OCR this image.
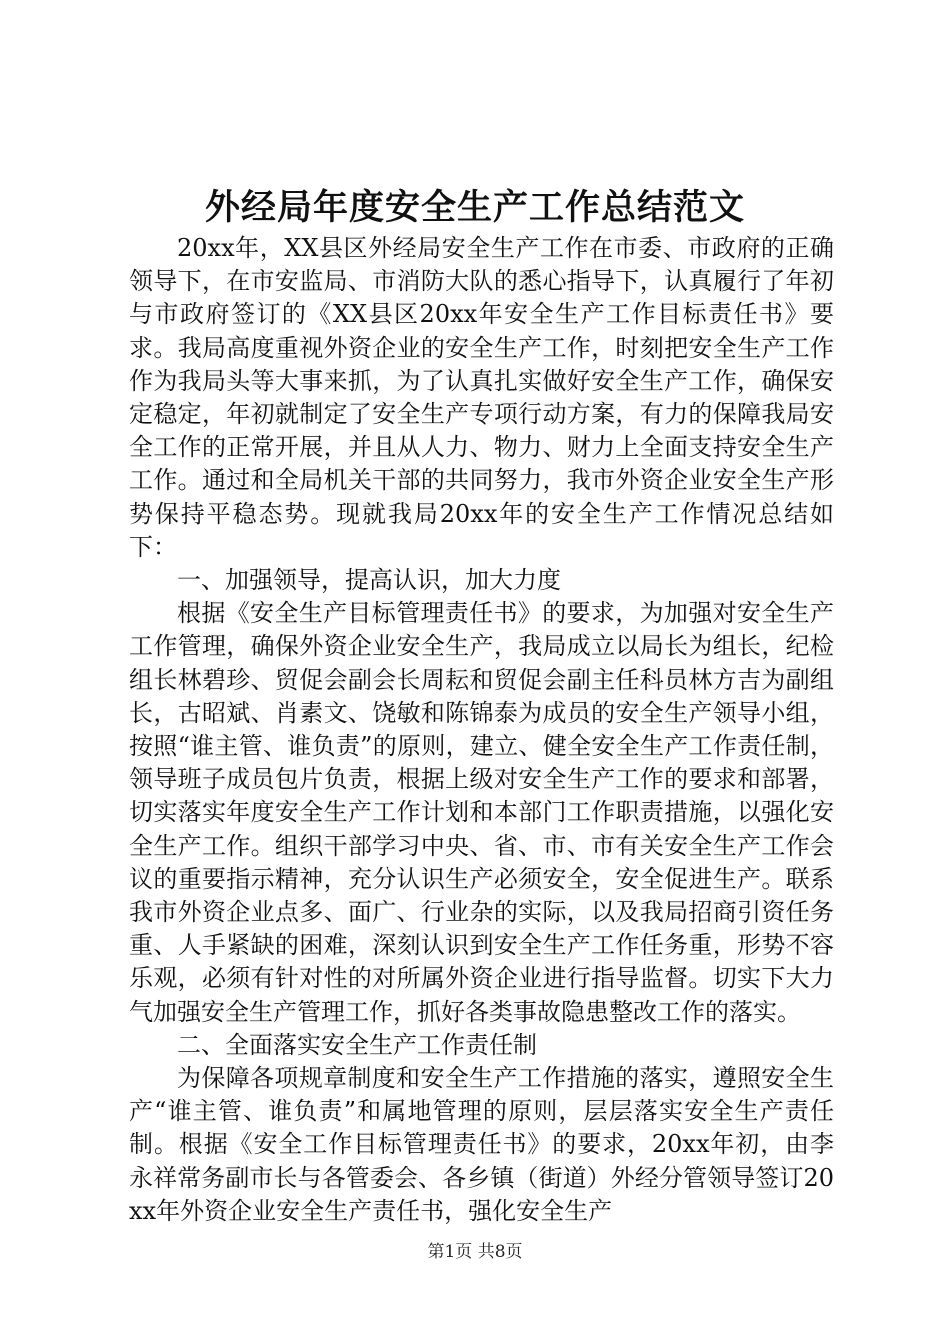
外经局年度安全生产工作总结范文

20xx年，XX县区外经局安全生产工作在市委、市政府的正确领导下，在市安监局、市消防大队的悉心指导下，认真履行了年初与市政府签订的《XX县区20xx年安全生产工作目标责任书》要求。我局高度重视外资企业的安全生产工作，时刻把安全生产工作作为我局头等大事来抓，为了认真扎实做好安全生产工作，确保安定稳定，年初就制定了安全生产专项行动方案，有力的保障我局安全工作的正常开展，并且从人力、物力、财力上全面支持安全生产工作。通过和全局机关干部的共同努力，我市外资企业安全生产形势保持平稳态势。现就我局20xx年的安全生产工作情况总结如下：

一、加强领导，提高认识，加大力度

根据《安全生产目标管理责任书》的要求，为加强对安全生产工作管理，确保外资企业安全生产，我局成立以局长为组长，纪检组长林碧珍、贸促会副会长周耘和贸促会副主任科员林方吉为副组长，古昭斌、肖素文、饶敏和陈锦泰为成员的安全生产领导小组，按照“谁主管、谁负责”的原则，建立、健全安全生产工作责任制，领导班子成员包片负责，根据上级对安全生产工作的要求和部署，切实落实年度安全生产工作计划和本部门工作职责措施，以强化安全生产工作。组织干部学习中央、省、市、市有关安全生产工作会议的重要指示精神，充分认识生产必须安全，安全促进生产。联系我市外资企业点多、面广、行业杂的实际，以及我局招商引资任务重、人手紧缺的困难，深刻认识到安全生产工作任务重，形势不容乐观，必须有针对性的对所属外资企业进行指导监督。切实下大力气加强安全生产管理工作，抓好各类事故隐患整改工作的落实。

二、全面落实安全生产工作责任制

为保障各项规章制度和安全生产工作措施的落实，遵照安全生产“谁主管、谁负责”和属地管理的原则，层层落实安全生产责任制。根据《安全工作目标管理责任书》的要求，20xx年初，由李永祥常务副市长与各管委会、各乡镇（街道）外经分管领导签订20xx年外资企业安全生产责任书，强化安全生产

第1页 共8页
